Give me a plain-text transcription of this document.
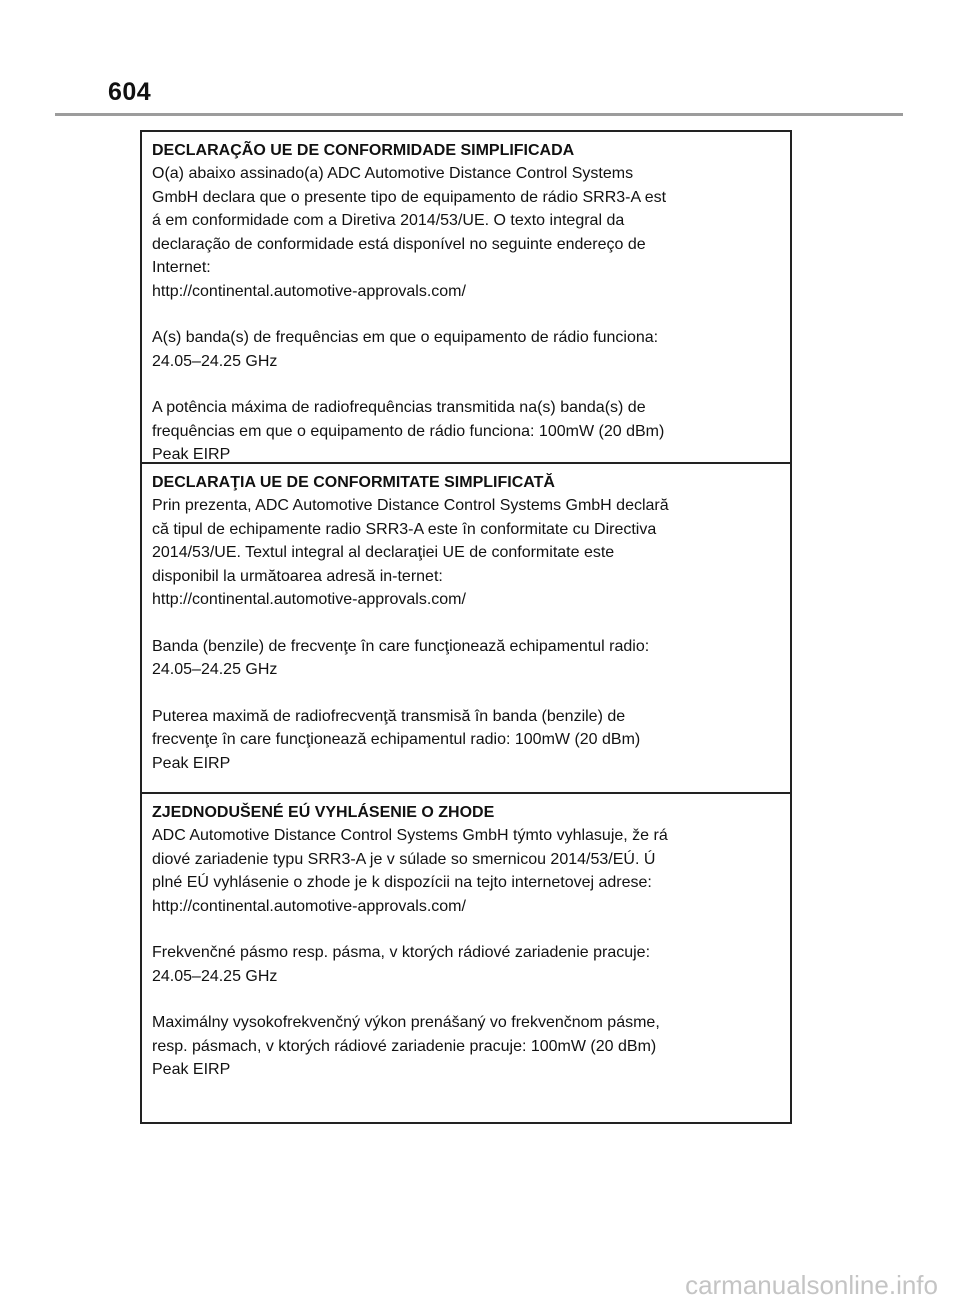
604
DECLARAÇÃO UE DE CONFORMIDADE SIMPLIFICADA
O(a) abaixo assinado(a) ADC Automotive Distance Control Systems
GmbH declara que o presente tipo de equipamento de rádio SRR3-A est
á em conformidade com a Diretiva 2014/53/UE. O texto integral da
declaração de conformidade está disponível no seguinte endereço de
Internet:
http://continental.automotive-approvals.com/
A(s) banda(s) de frequências em que o equipamento de rádio funciona:
24.05–24.25 GHz
A potência máxima de radiofrequências transmitida na(s) banda(s) de
frequências em que o equipamento de rádio funciona: 100mW (20 dBm)
Peak EIRP
DECLARAŢIA UE DE CONFORMITATE SIMPLIFICATĂ
Prin prezenta, ADC Automotive Distance Control Systems GmbH declară
că tipul de echipamente radio SRR3-A este în conformitate cu Directiva
2014/53/UE. Textul integral al declaraţiei UE de conformitate este
disponibil la următoarea adresă in-ternet:
http://continental.automotive-approvals.com/
Banda (benzile) de frecvenţe în care funcţionează echipamentul radio:
24.05–24.25 GHz
Puterea maximă de radiofrecvenţă transmisă în banda (benzile) de
frecvenţe în care funcţionează echipamentul radio: 100mW (20 dBm)
Peak EIRP
ZJEDNODUŠENÉ EÚ VYHLÁSENIE O ZHODE
ADC Automotive Distance Control Systems GmbH týmto vyhlasuje, že rá
diové zariadenie typu SRR3-A je v súlade so smernicou 2014/53/EÚ. Ú
plné EÚ vyhlásenie o zhode je k dispozícii na tejto internetovej adrese:
http://continental.automotive-approvals.com/
Frekvenčné pásmo resp. pásma, v ktorých rádiové zariadenie pracuje:
24.05–24.25 GHz
Maximálny vysokofrekvenčný výkon prenášaný vo frekvenčnom pásme,
resp. pásmach, v ktorých rádiové zariadenie pracuje: 100mW (20 dBm)
Peak EIRP
carmanualsonline.info
